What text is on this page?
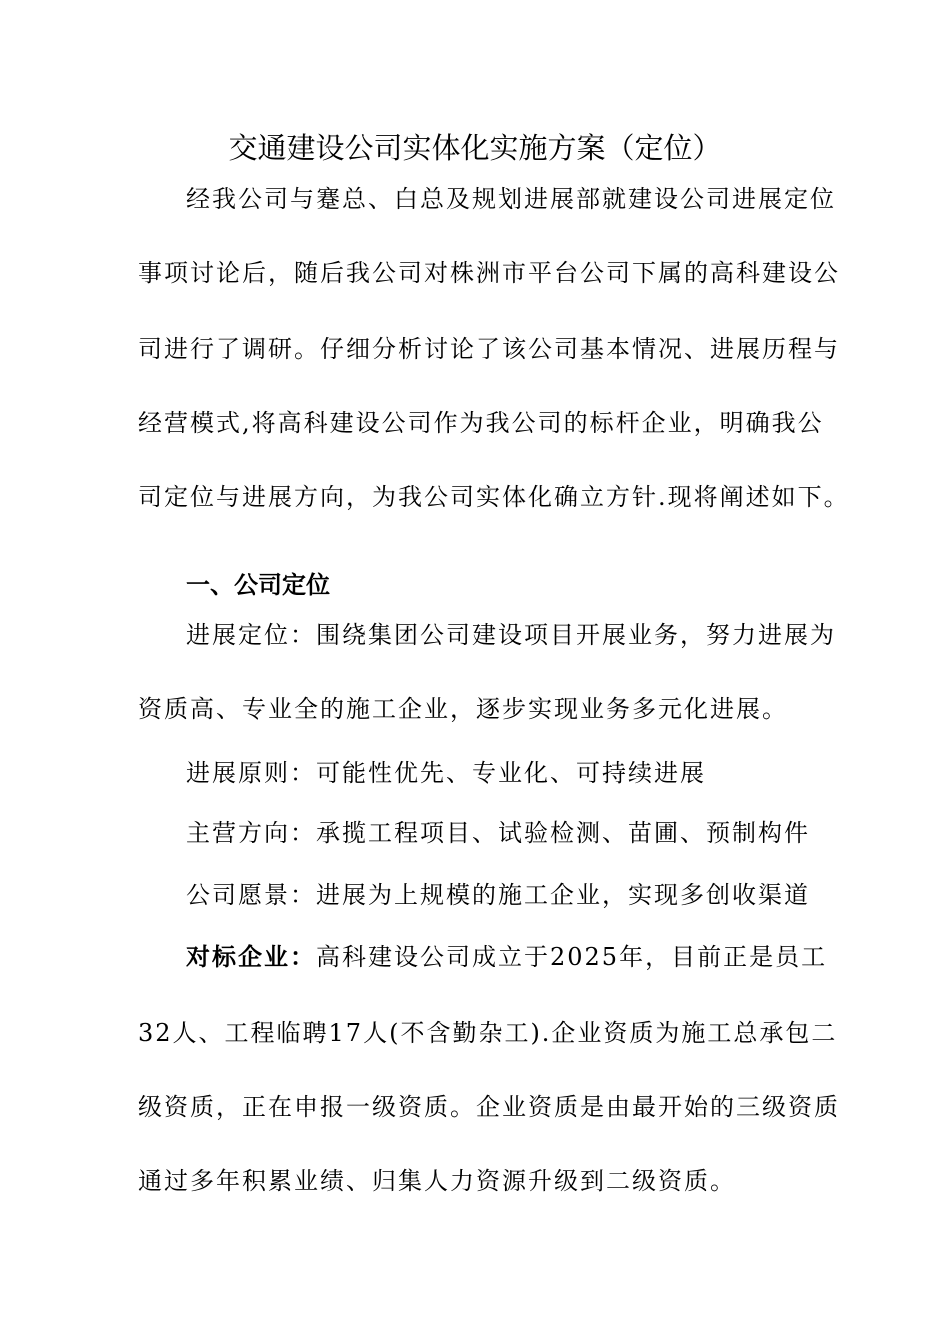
交通建设公司实体化实施方案（定位）
经我公司与蹇总、白总及规划进展部就建设公司进展定位
事项讨论后，随后我公司对株洲市平台公司下属的高科建设公
司进行了调研。仔细分析讨论了该公司基本情况、进展历程与
经营模式,将高科建设公司作为我公司的标杆企业，明确我公
司定位与进展方向，为我公司实体化确立方针.现将阐述如下。
一、公司定位
进展定位：围绕集团公司建设项目开展业务，努力进展为
资质高、专业全的施工企业，逐步实现业务多元化进展。
进展原则：可能性优先、专业化、可持续进展
主营方向：承揽工程项目、试验检测、苗圃、预制构件
公司愿景：进展为上规模的施工企业，实现多创收渠道
对标企业：高科建设公司成立于2025年，目前正是员工
32人、工程临聘17人(不含勤杂工).企业资质为施工总承包二
级资质，正在申报一级资质。企业资质是由最开始的三级资质
通过多年积累业绩、归集人力资源升级到二级资质。
